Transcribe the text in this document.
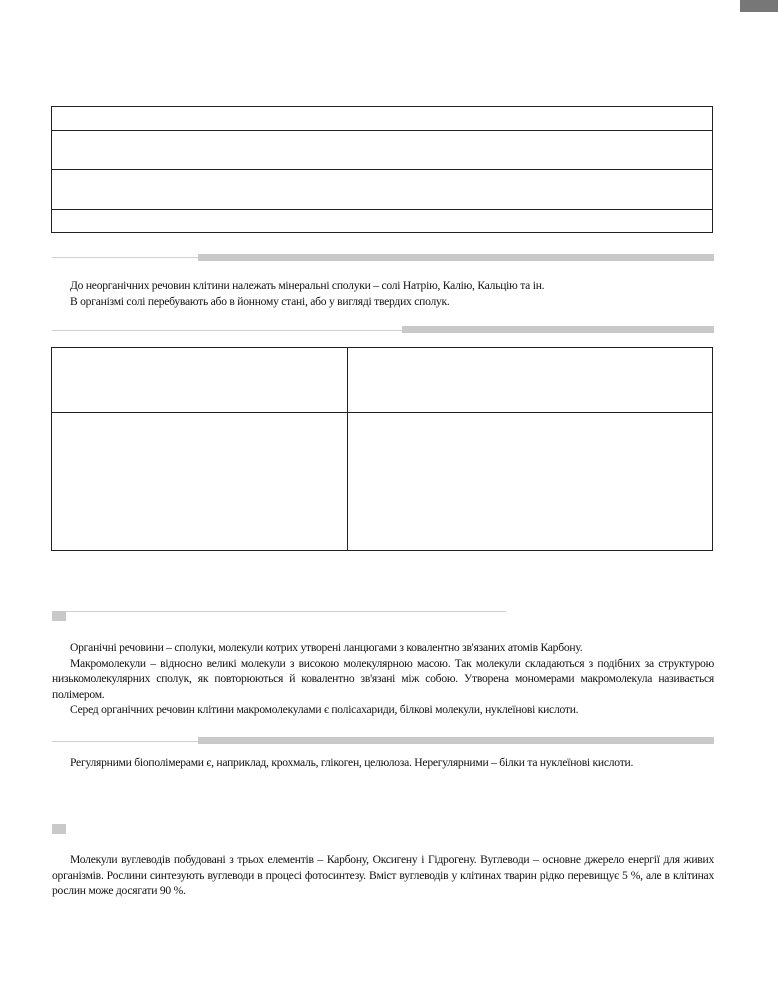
До неорганічних речовин клітини належать мінеральні сполуки – солі Натрію, Калію, Кальцію та ін.

В організмі солі перебувають або в йонному стані, або у вигляді твердих сполук.

Органічні речовини – сполуки, молекули котрих утворені ланцюгами з ковалентно зв'язаних атомів Карбону.

Макромолекули – відносно великі молекули з високою молекулярною масою. Так молекули складаються з подібних за структурою низькомолекулярних сполук, як повторюються й ковалентно зв'язані між собою. Утворена мономерами макромолекула називається полімером.

Серед органічних речовин клітини макромолекулами є полісахариди, білкові молекули, нуклеїнові кислоти.

Регулярними біополімерами є, наприклад, крохмаль, глікоген, целюлоза. Нерегулярними – білки та нуклеїнові кислоти.

Молекули вуглеводів побудовані з трьох елементів – Карбону, Оксигену і Гідрогену. Вуглеводи – основне джерело енергії для живих організмів. Рослини синтезують вуглеводи в процесі фотосинтезу. Вміст вуглеводів у клітинах тварин рідко перевищує 5 %, але в клітинах рослин може досягати 90 %.
